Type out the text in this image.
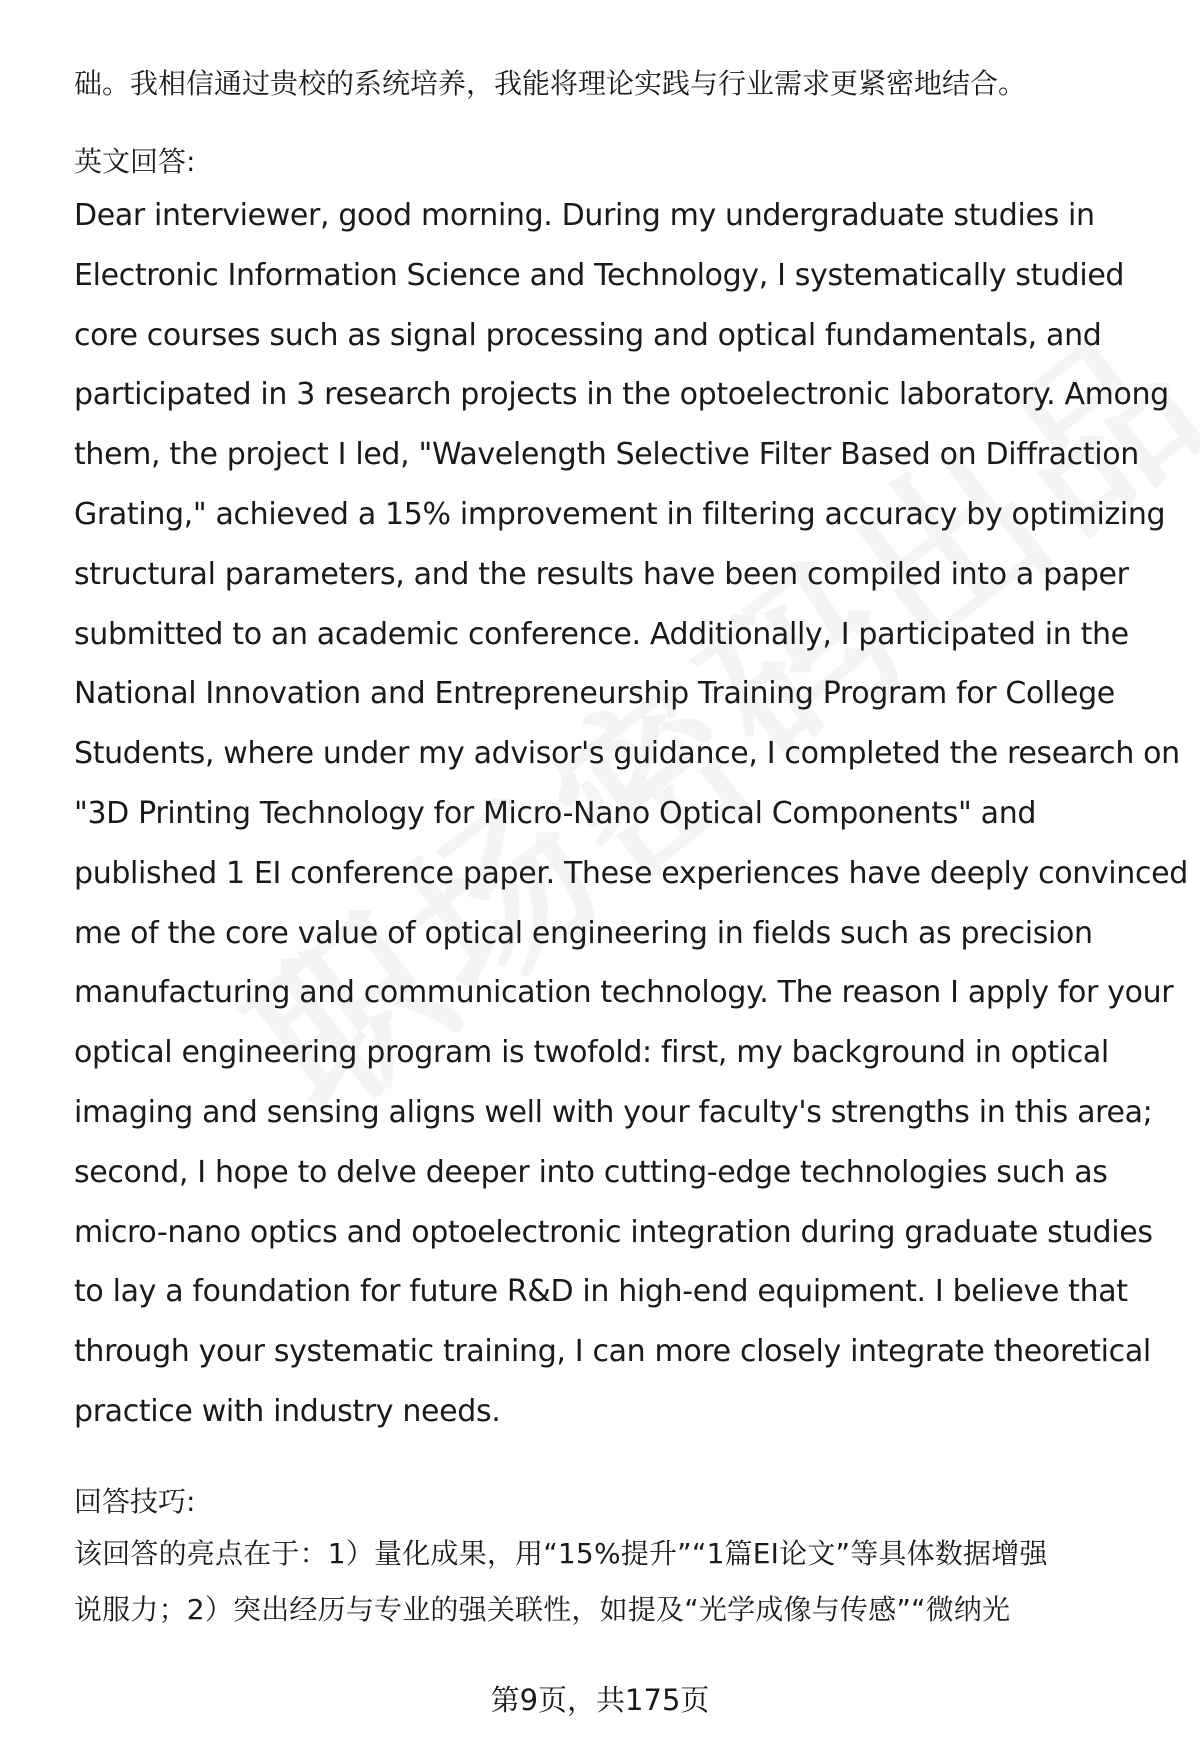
础。我相信通过贵校的系统培养，我能将理论实践与行业需求更紧密地结合。

英文回答:

Dear interviewer, good morning. During my undergraduate studies in

Electronic Information Science and Technology, I systematically studied

core courses such as signal processing and optical fundamentals, and

participated in 3 research projects in the optoelectronic laboratory. Among

them, the project I led, "Wavelength Selective Filter Based on Diffraction

Grating," achieved a 15% improvement in filtering accuracy by optimizing

structural parameters, and the results have been compiled into a paper

submitted to an academic conference. Additionally, I participated in the

National Innovation and Entrepreneurship Training Program for College

Students, where under my advisor's guidance, I completed the research on

"3D Printing Technology for Micro-Nano Optical Components" and

published 1 EI conference paper. These experiences have deeply convinced

me of the core value of optical engineering in fields such as precision

manufacturing and communication technology. The reason I apply for your

optical engineering program is twofold: first, my background in optical

imaging and sensing aligns well with your faculty's strengths in this area;

second, I hope to delve deeper into cutting-edge technologies such as

micro-nano optics and optoelectronic integration during graduate studies

to lay a foundation for future R&D in high-end equipment. I believe that

through your systematic training, I can more closely integrate theoretical

practice with industry needs.

回答技巧:

该回答的亮点在于：1）量化成果，用“15%提升”“1篇EI论文”等具体数据增强

说服力；2）突出经历与专业的强关联性，如提及“光学成像与传感”“微纳光

第9页，共175页
